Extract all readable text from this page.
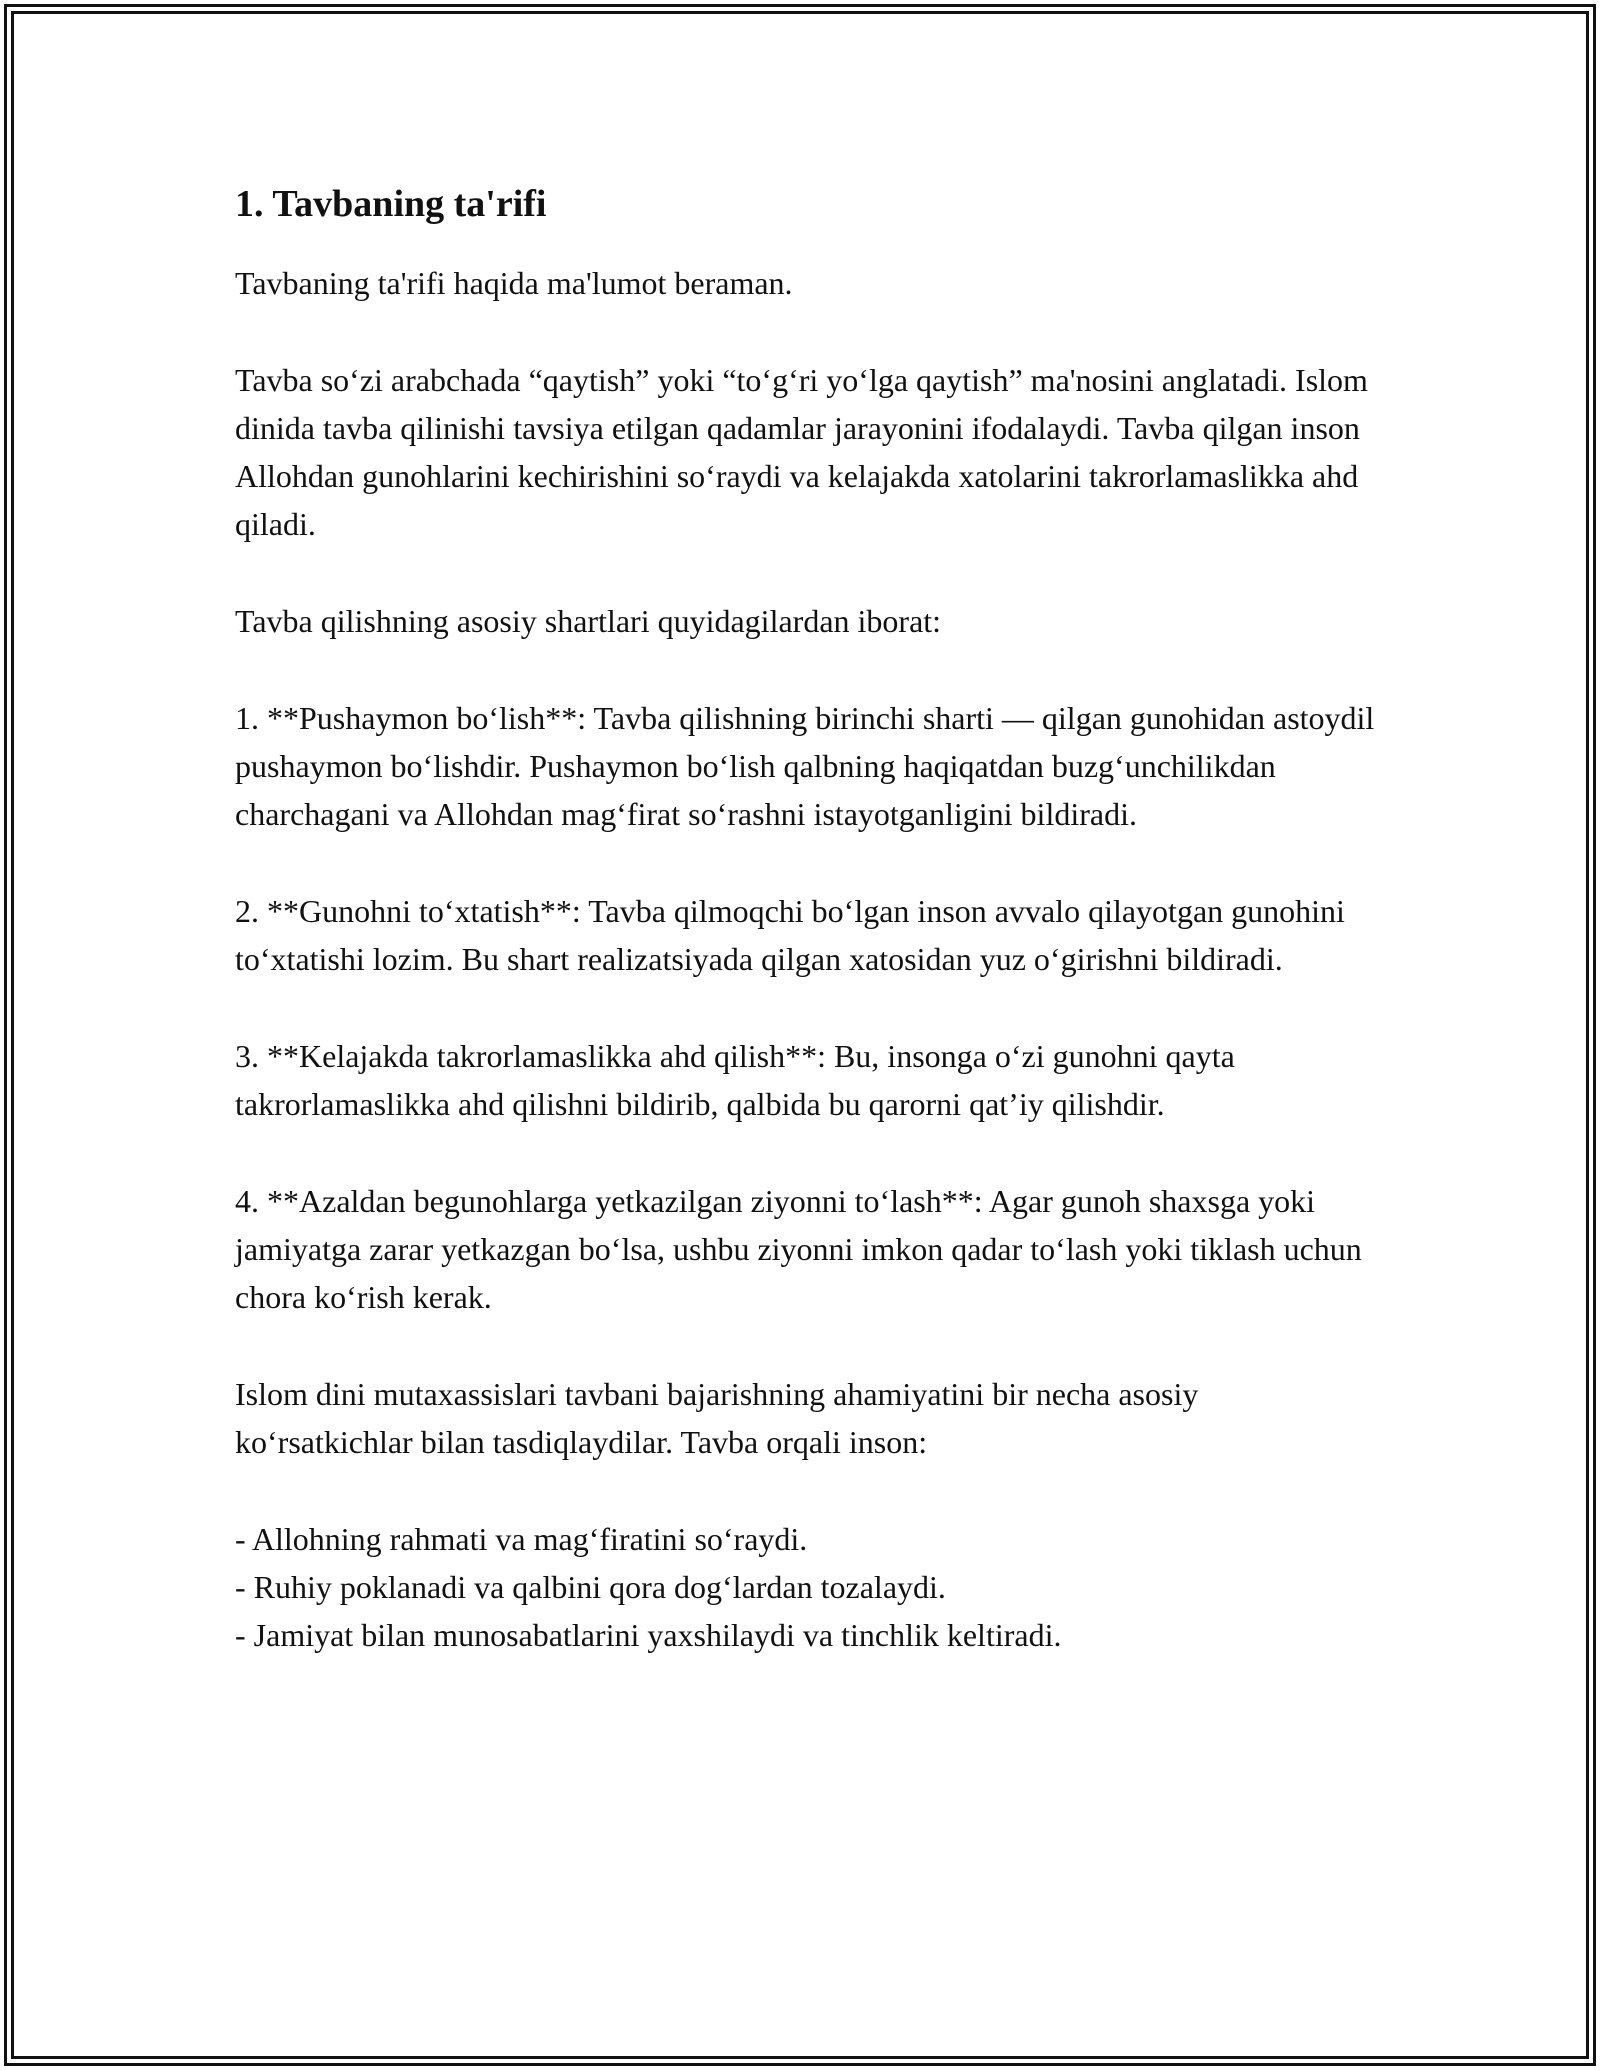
1. Tavbaning ta'rifi

Tavbaning ta'rifi haqida ma'lumot beraman.

Tavba so‘zi arabchada “qaytish” yoki “to‘g‘ri yo‘lga qaytish” ma'nosini anglatadi. Islom dinida tavba qilinishi tavsiya etilgan qadamlar jarayonini ifodalaydi. Tavba qilgan inson Allohdan gunohlarini kechirishini so‘raydi va kelajakda xatolarini takrorlamaslikka ahd qiladi.

Tavba qilishning asosiy shartlari quyidagilardan iborat:

1. **Pushaymon bo‘lish**: Tavba qilishning birinchi sharti — qilgan gunohidan astoydil pushaymon bo‘lishdir. Pushaymon bo‘lish qalbning haqiqatdan buzg‘unchilikdan charchagani va Allohdan mag‘firat so‘rashni istayotganligini bildiradi.

2. **Gunohni to‘xtatish**: Tavba qilmoqchi bo‘lgan inson avvalo qilayotgan gunohini to‘xtatishi lozim. Bu shart realizatsiyada qilgan xatosidan yuz o‘girishni bildiradi.

3. **Kelajakda takrorlamaslikka ahd qilish**: Bu, insonga o‘zi gunohni qayta takrorlamaslikka ahd qilishni bildirib, qalbida bu qarorni qat’iy qilishdir.

4. **Azaldan begunohlarga yetkazilgan ziyonni to‘lash**: Agar gunoh shaxsga yoki jamiyatga zarar yetkazgan bo‘lsa, ushbu ziyonni imkon qadar to‘lash yoki tiklash uchun chora ko‘rish kerak.

Islom dini mutaxassislari tavbani bajarishning ahamiyatini bir necha asosiy ko‘rsatkichlar bilan tasdiqlaydilar. Tavba orqali inson:

- Allohning rahmati va mag‘firatini so‘raydi.
- Ruhiy poklanadi va qalbini qora dog‘lardan tozalaydi.
- Jamiyat bilan munosabatlarini yaxshilaydi va tinchlik keltiradi.
